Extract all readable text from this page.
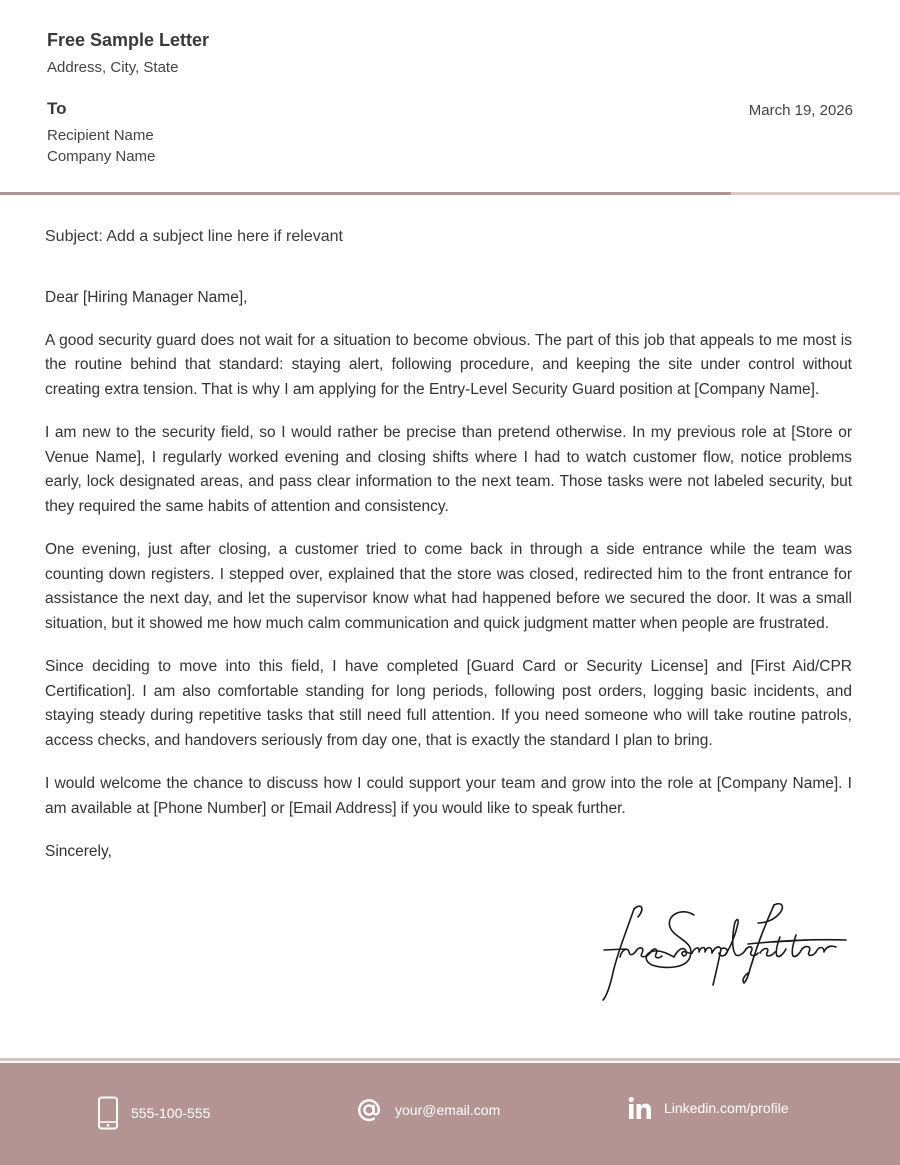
Free Sample Letter
Address, City, State
To
Recipient Name
Company Name
March 19, 2026
Subject: Add a subject line here if relevant

Dear [Hiring Manager Name],

A good security guard does not wait for a situation to become obvious. The part of this job that appeals to me most is the routine behind that standard: staying alert, following procedure, and keeping the site under control without creating extra tension. That is why I am applying for the Entry-Level Security Guard position at [Company Name].

I am new to the security field, so I would rather be precise than pretend otherwise. In my previous role at [Store or Venue Name], I regularly worked evening and closing shifts where I had to watch customer flow, notice problems early, lock designated areas, and pass clear information to the next team. Those tasks were not labeled security, but they required the same habits of attention and consistency.

One evening, just after closing, a customer tried to come back in through a side entrance while the team was counting down registers. I stepped over, explained that the store was closed, redirected him to the front entrance for assistance the next day, and let the supervisor know what had happened before we secured the door. It was a small situation, but it showed me how much calm communication and quick judgment matter when people are frustrated.

Since deciding to move into this field, I have completed [Guard Card or Security License] and [First Aid/CPR Certification]. I am also comfortable standing for long periods, following post orders, logging basic incidents, and staying steady during repetitive tasks that still need full attention. If you need someone who will take routine patrols, access checks, and handovers seriously from day one, that is exactly the standard I plan to bring.

I would welcome the chance to discuss how I could support your team and grow into the role at [Company Name]. I am available at [Phone Number] or [Email Address] if you would like to speak further.

Sincerely,

555-100-555	your@email.com	Linkedin.com/profile
